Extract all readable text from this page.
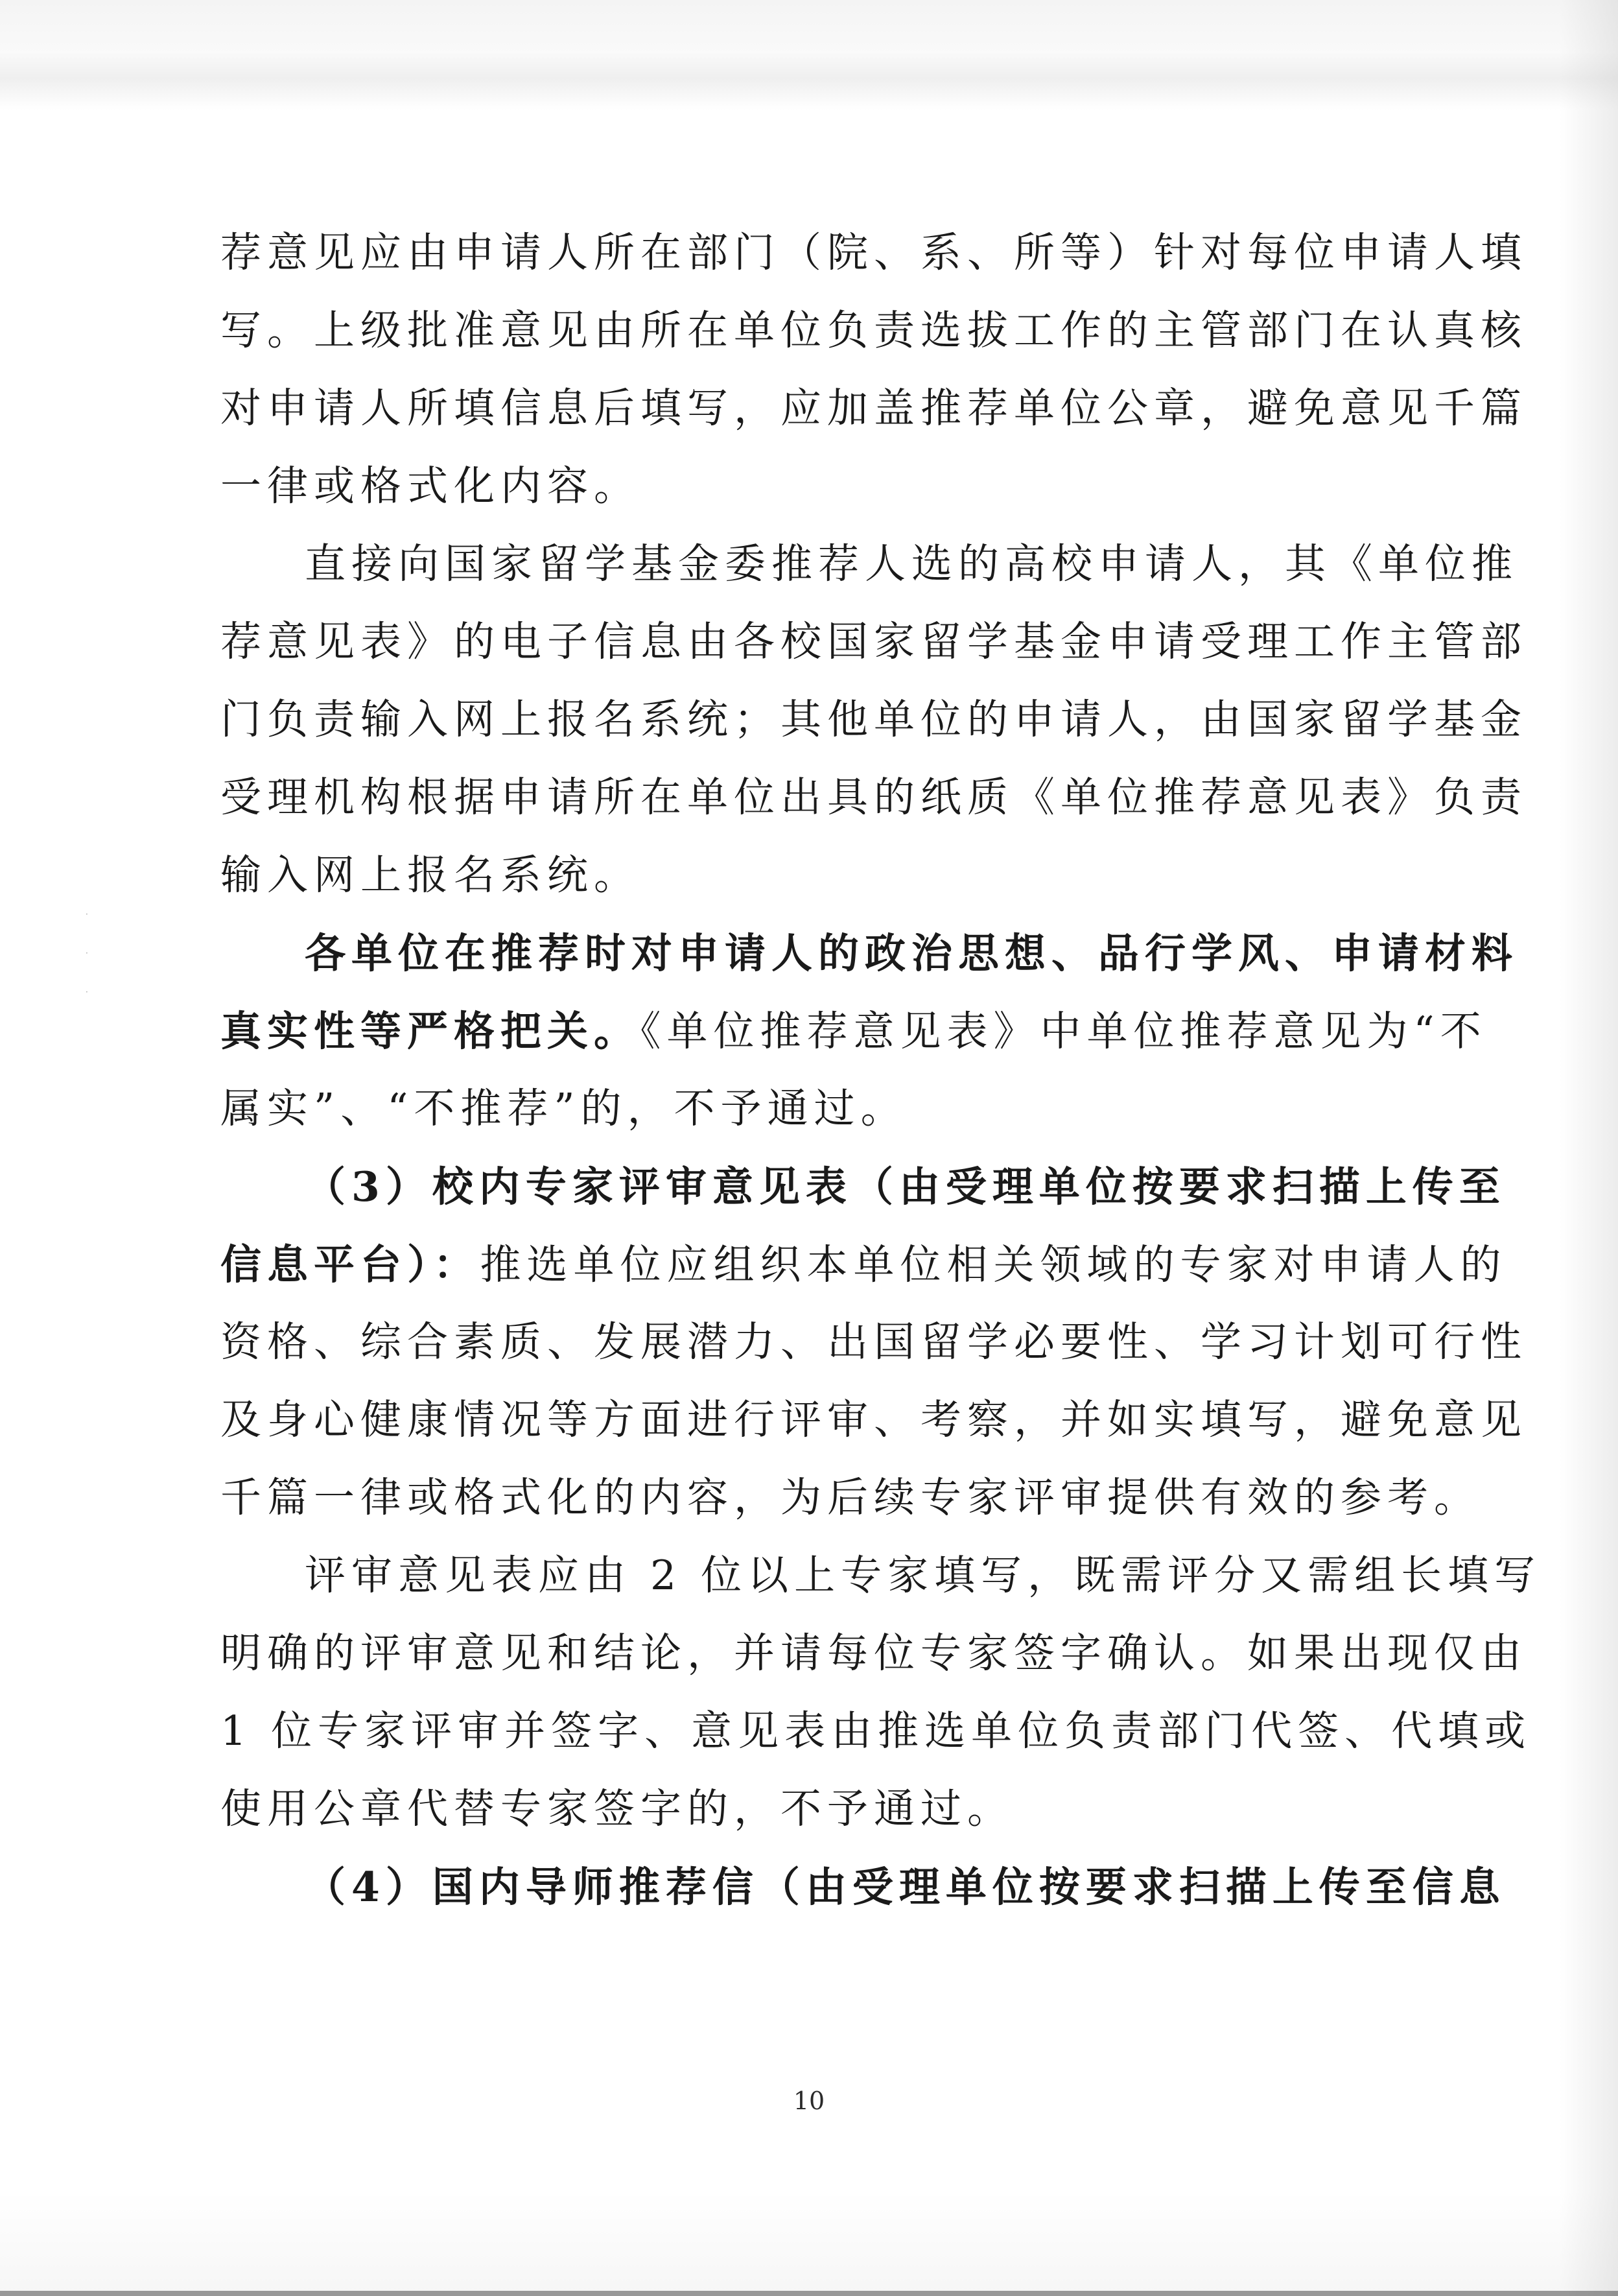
·
·
·
荐意见应由申请人所在部门（院、系、所等）针对每位申请人填
写。上级批准意见由所在单位负责选拔工作的主管部门在认真核
对申请人所填信息后填写，应加盖推荐单位公章，避免意见千篇
一律或格式化内容。
直接向国家留学基金委推荐人选的高校申请人，其《单位推
荐意见表》的电子信息由各校国家留学基金申请受理工作主管部
门负责输入网上报名系统；其他单位的申请人，由国家留学基金
受理机构根据申请所在单位出具的纸质《单位推荐意见表》负责
输入网上报名系统。
各单位在推荐时对申请人的政治思想、品行学风、申请材料
真实性等严格把关。《单位推荐意见表》中单位推荐意见为“不
属实”、“不推荐”的，不予通过。
（3）校内专家评审意见表（由受理单位按要求扫描上传至
信息平台）：推选单位应组织本单位相关领域的专家对申请人的
资格、综合素质、发展潜力、出国留学必要性、学习计划可行性
及身心健康情况等方面进行评审、考察，并如实填写，避免意见
千篇一律或格式化的内容，为后续专家评审提供有效的参考。
评审意见表应由 2 位以上专家填写，既需评分又需组长填写
明确的评审意见和结论，并请每位专家签字确认。如果出现仅由
1 位专家评审并签字、意见表由推选单位负责部门代签、代填或
使用公章代替专家签字的，不予通过。
（4）国内导师推荐信（由受理单位按要求扫描上传至信息
10
